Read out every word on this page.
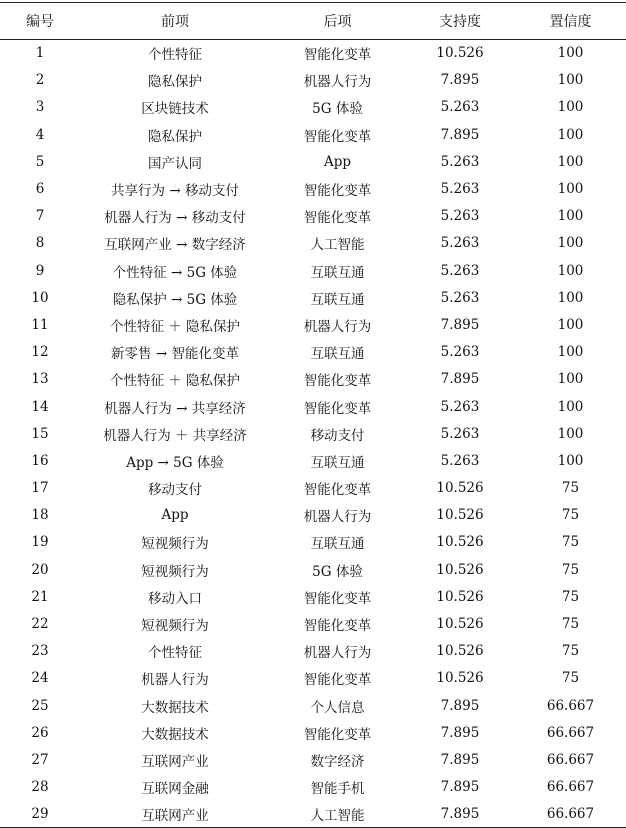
编号	前项	后项	支持度	置信度
1	个性特征	智能化变革	10.526	100
2	隐私保护	机器人行为	7.895	100
3	区块链技术	5G 体验	5.263	100
4	隐私保护	智能化变革	7.895	100
5	国产认同	App	5.263	100
6	共享行为 → 移动支付	智能化变革	5.263	100
7	机器人行为 → 移动支付	智能化变革	5.263	100
8	互联网产业 → 数字经济	人工智能	5.263	100
9	个性特征 → 5G 体验	互联互通	5.263	100
10	隐私保护 → 5G 体验	互联互通	5.263	100
11	个性特征 ＋ 隐私保护	机器人行为	7.895	100
12	新零售 → 智能化变革	互联互通	5.263	100
13	个性特征 ＋ 隐私保护	智能化变革	7.895	100
14	机器人行为 → 共享经济	智能化变革	5.263	100
15	机器人行为 ＋ 共享经济	移动支付	5.263	100
16	App → 5G 体验	互联互通	5.263	100
17	移动支付	智能化变革	10.526	75
18	App	机器人行为	10.526	75
19	短视频行为	互联互通	10.526	75
20	短视频行为	5G 体验	10.526	75
21	移动入口	智能化变革	10.526	75
22	短视频行为	智能化变革	10.526	75
23	个性特征	机器人行为	10.526	75
24	机器人行为	智能化变革	10.526	75
25	大数据技术	个人信息	7.895	66.667
26	大数据技术	智能化变革	7.895	66.667
27	互联网产业	数字经济	7.895	66.667
28	互联网金融	智能手机	7.895	66.667
29	互联网产业	人工智能	7.895	66.667
